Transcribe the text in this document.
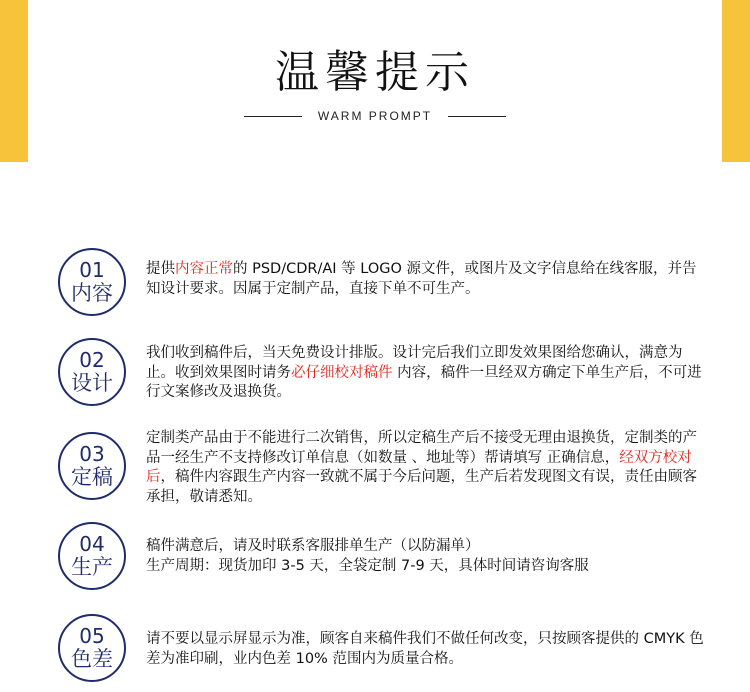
温馨提示
WARM PROMPT
01
内容
提供内容正常的 PSD/CDR/AI 等 LOGO 源文件，或图片及文字信息给在线客服，并告知设计要求。因属于定制产品，直接下单不可生产。
02
设计
我们收到稿件后，当天免费设计排版。设计完后我们立即发效果图给您确认，满意为止。收到效果图时请务必仔细校对稿件 内容，稿件一旦经双方确定下单生产后，不可进行文案修改及退换货。
03
定稿
定制类产品由于不能进行二次销售，所以定稿生产后不接受无理由退换货，定制类的产品一经生产不支持修改订单信息（如数量 、地址等）帮请填写 正确信息，经双方校对后，稿件内容跟生产内容一致就不属于今后问题，生产后若发现图文有误，责任由顾客承担，敬请悉知。
04
生产
稿件满意后，请及时联系客服排单生产（以防漏单）
生产周期：现货加印 3-5 天，全袋定制 7-9 天，具体时间请咨询客服
05
色差
请不要以显示屏显示为准，顾客自来稿件我们不做任何改变，只按顾客提供的 CMYK 色差为准印刷，业内色差 10% 范围内为质量合格。
